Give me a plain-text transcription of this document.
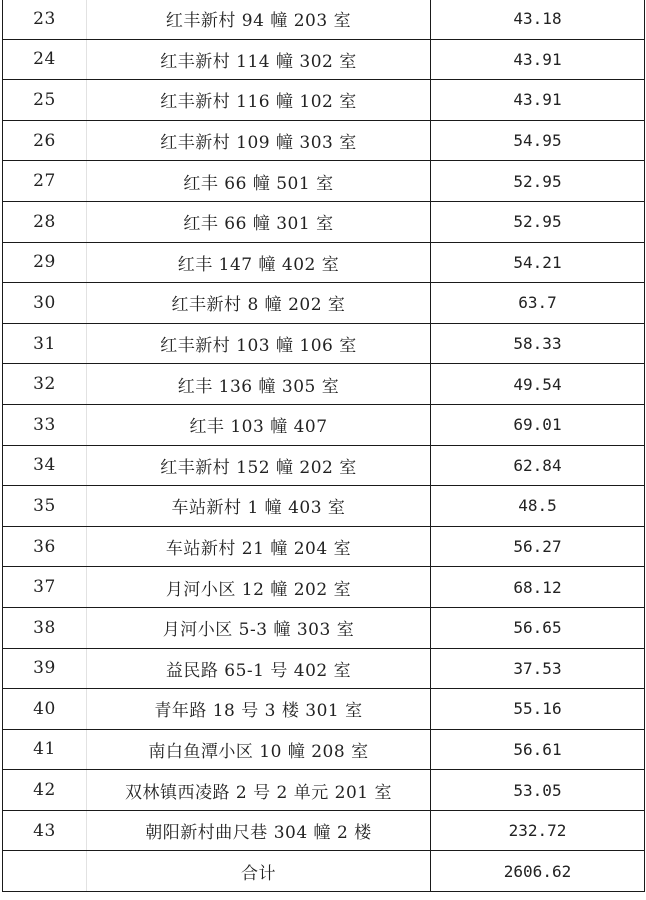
23	红丰新村 94 幢 203 室	43.18
24	红丰新村 114 幢 302 室	43.91
25	红丰新村 116 幢 102 室	43.91
26	红丰新村 109 幢 303 室	54.95
27	红丰 66 幢 501 室	52.95
28	红丰 66 幢 301 室	52.95
29	红丰 147 幢 402 室	54.21
30	红丰新村 8 幢 202 室	63.7
31	红丰新村 103 幢 106 室	58.33
32	红丰 136 幢 305 室	49.54
33	红丰 103 幢 407	69.01
34	红丰新村 152 幢 202 室	62.84
35	车站新村 1 幢 403 室	48.5
36	车站新村 21 幢 204 室	56.27
37	月河小区 12 幢 202 室	68.12
38	月河小区 5-3 幢 303 室	56.65
39	益民路 65-1 号 402 室	37.53
40	青年路 18 号 3 楼 301 室	55.16
41	南白鱼潭小区 10 幢 208 室	56.61
42	双林镇西凌路 2 号 2 单元 201 室	53.05
43	朝阳新村曲尺巷 304 幢 2 楼	232.72
	合计	2606.62
